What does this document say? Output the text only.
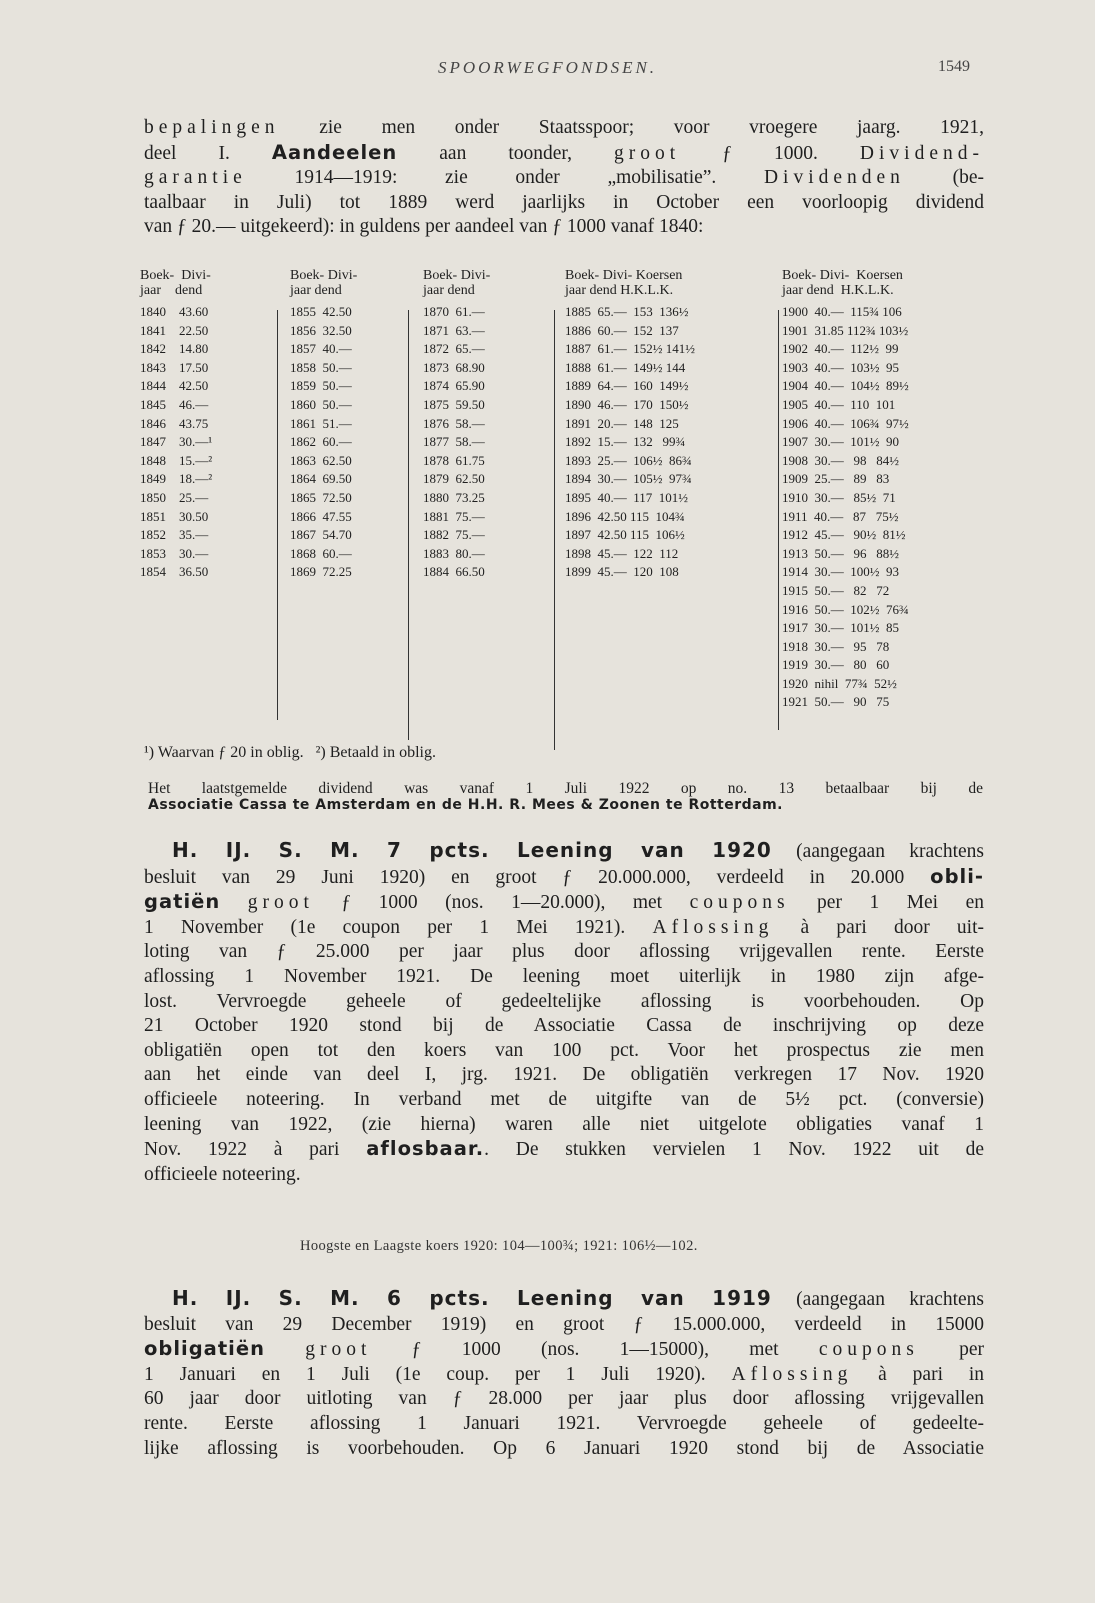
SPOORWEGFONDSEN.	1549
bepalingen zie men onder Staatsspoor; voor vroegere jaarg. 1921,
deel I. Aandeelen aan toonder, groot ƒ 1000. Dividend-
garantie 1914—1919: zie onder „mobilisatie”. Dividenden (be-
taalbaar in Juli) tot 1889 werd jaarlijks in October een voorloopig dividend
van ƒ 20.— uitgekeerd): in guldens per aandeel van ƒ 1000 vanaf 1840:
Boek-  Divi-
jaar    dend
1840    43.60
1841    22.50
1842    14.80
1843    17.50
1844    42.50
1845    46.—
1846    43.75
1847    30.—¹
1848    15.—²
1849    18.—²
1850    25.—
1851    30.50
1852    35.—
1853    30.—
1854    36.50
Boek- Divi-
jaar dend
1855  42.50
1856  32.50
1857  40.—
1858  50.—
1859  50.—
1860  50.—
1861  51.—
1862  60.—
1863  62.50
1864  69.50
1865  72.50
1866  47.55
1867  54.70
1868  60.—
1869  72.25
Boek- Divi-
jaar dend
1870  61.—
1871  63.—
1872  65.—
1873  68.90
1874  65.90
1875  59.50
1876  58.—
1877  58.—
1878  61.75
1879  62.50
1880  73.25
1881  75.—
1882  75.—
1883  80.—
1884  66.50
Boek- Divi- Koersen
jaar dend H.K.L.K.
1885  65.—  153  136½
1886  60.—  152  137
1887  61.—  152½ 141½
1888  61.—  149½ 144
1889  64.—  160  149½
1890  46.—  170  150½
1891  20.—  148  125
1892  15.—  132   99¾
1893  25.—  106½  86¾
1894  30.—  105½  97¾
1895  40.—  117  101½
1896  42.50 115  104¾
1897  42.50 115  106½
1898  45.—  122  112
1899  45.—  120  108
Boek- Divi-  Koersen
jaar dend  H.K.L.K.
1900  40.—  115¾ 106
1901  31.85 112¾ 103½
1902  40.—  112½  99
1903  40.—  103½  95
1904  40.—  104½  89½
1905  40.—  110  101
1906  40.—  106¾  97½
1907  30.—  101½  90
1908  30.—   98   84½
1909  25.—   89   83
1910  30.—   85½  71
1911  40.—   87   75½
1912  45.—   90½  81½
1913  50.—   96   88½
1914  30.—  100½  93
1915  50.—   82   72
1916  50.—  102½  76¾
1917  30.—  101½  85
1918  30.—   95   78
1919  30.—   80   60
1920  nihil  77¾  52½
1921  50.—   90   75
¹) Waarvan ƒ 20 in oblig. ²) Betaald in oblig.
Het laatstgemelde dividend was vanaf 1 Juli 1922 op no. 13 betaalbaar bij de
Associatie Cassa te Amsterdam en de H.H. R. Mees & Zoonen te Rotterdam.
H. IJ. S. M. 7 pcts. Leening van 1920 (aangegaan krachtens
besluit van 29 Juni 1920) en groot ƒ 20.000.000, verdeeld in 20.000 obli-
gatiën groot ƒ 1000 (nos. 1—20.000), met coupons per 1 Mei en
1 November (1e coupon per 1 Mei 1921). Aflossing à pari door uit-
loting van ƒ 25.000 per jaar plus door aflossing vrijgevallen rente. Eerste
aflossing 1 November 1921. De leening moet uiterlijk in 1980 zijn afge-
lost. Vervroegde geheele of gedeeltelijke aflossing is voorbehouden. Op
21 October 1920 stond bij de Associatie Cassa de inschrijving op deze
obligatiën open tot den koers van 100 pct. Voor het prospectus zie men
aan het einde van deel I, jrg. 1921. De obligatiën verkregen 17 Nov. 1920
officieele noteering. In verband met de uitgifte van de 5½ pct. (conversie)
leening van 1922, (zie hierna) waren alle niet uitgelote obligaties vanaf 1
Nov. 1922 à pari aflosbaar.. De stukken vervielen 1 Nov. 1922 uit de
officieele noteering.
Hoogste en Laagste koers 1920: 104—100¾; 1921: 106½—102.
H. IJ. S. M. 6 pcts. Leening van 1919 (aangegaan krachtens
besluit van 29 December 1919) en groot ƒ 15.000.000, verdeeld in 15000
obligatiën groot ƒ 1000 (nos. 1—15000), met coupons per
1 Januari en 1 Juli (1e coup. per 1 Juli 1920). Aflossing à pari in
60 jaar door uitloting van ƒ 28.000 per jaar plus door aflossing vrijgevallen
rente. Eerste aflossing 1 Januari 1921. Vervroegde geheele of gedeelte-
lijke aflossing is voorbehouden. Op 6 Januari 1920 stond bij de Associatie
